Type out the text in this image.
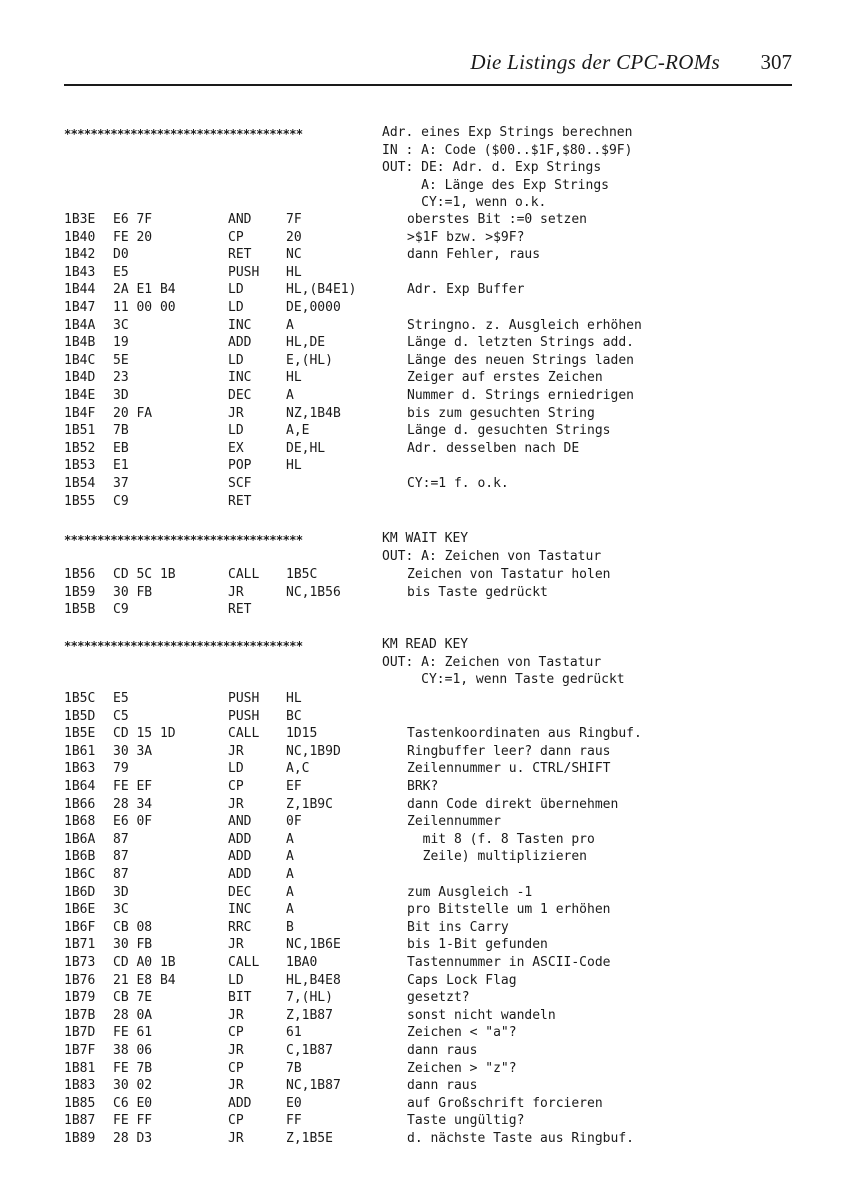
Die Listings der CPC-ROMs 307
************************************	Adr. eines Exp Strings berechnen
IN : A: Code ($00..$1F,$80..$9F)
OUT: DE: Adr. d. Exp Strings
A: Länge des Exp Strings
CY:=1, wenn o.k.
1B3E E6 7F	AND	7F	oberstes Bit :=0 setzen
1B40 FE 20	CP	20	>$1F bzw. >$9F?
1B42 D0	RET	NC	dann Fehler, raus
1B43 E5	PUSH HL
1B44 2A E1 B4	LD	HL,(B4E1)	Adr. Exp Buffer
1B47 11 00 00	LD	DE,0000
1B4A 3C	INC	A	Stringno. z. Ausgleich erhöhen
1B4B 19	ADD	HL,DE	Länge d. letzten Strings add.
1B4C 5E	LD	E,(HL)	Länge des neuen Strings laden
1B4D 23	INC	HL	Zeiger auf erstes Zeichen
1B4E 3D	DEC	A	Nummer d. Strings erniedrigen
1B4F 20 FA	JR	NZ,1B4B	bis zum gesuchten String
1B51 7B	LD	A,E	Länge d. gesuchten Strings
1B52 EB	EX	DE,HL	Adr. desselben nach DE
1B53 E1	POP	HL
1B54 37	SCF	CY:=1 f. o.k.
1B55 C9	RET
************************************	KM WAIT KEY
OUT: A: Zeichen von Tastatur
1B56 CD 5C 1B	CALL 1B5C	Zeichen von Tastatur holen
1B59 30 FB	JR	NC,1B56	bis Taste gedrückt
1B5B C9	RET
************************************	KM READ KEY
OUT: A: Zeichen von Tastatur
CY:=1, wenn Taste gedrückt
1B5C E5	PUSH HL
1B5D C5	PUSH BC
1B5E CD 15 1D	CALL 1D15	Tastenkoordinaten aus Ringbuf.
1B61 30 3A	JR	NC,1B9D	Ringbuffer leer? dann raus
1B63 79	LD	A,C	Zeilennummer u. CTRL/SHIFT
1B64 FE EF	CP	EF	BRK?
1B66 28 34	JR	Z,1B9C	dann Code direkt übernehmen
1B68 E6 0F	AND	0F	Zeilennummer
1B6A 87	ADD	A	mit 8 (f. 8 Tasten pro
1B6B 87	ADD	A	Zeile) multiplizieren
1B6C 87	ADD	A
1B6D 3D	DEC	A	zum Ausgleich -1
1B6E 3C	INC	A	pro Bitstelle um 1 erhöhen
1B6F CB 08	RRC	B	Bit ins Carry
1B71 30 FB	JR	NC,1B6E	bis 1-Bit gefunden
1B73 CD A0 1B	CALL 1BA0	Tastennummer in ASCII-Code
1B76 21 E8 B4	LD	HL,B4E8	Caps Lock Flag
1B79 CB 7E	BIT	7,(HL)	gesetzt?
1B7B 28 0A	JR	Z,1B87	sonst nicht wandeln
1B7D FE 61	CP	61	Zeichen < "a"?
1B7F 38 06	JR	C,1B87	dann raus
1B81 FE 7B	CP	7B	Zeichen > "z"?
1B83 30 02	JR	NC,1B87	dann raus
1B85 C6 E0	ADD	E0	auf Großschrift forcieren
1B87 FE FF	CP	FF	Taste ungültig?
1B89 28 D3	JR	Z,1B5E	d. nächste Taste aus Ringbuf.
